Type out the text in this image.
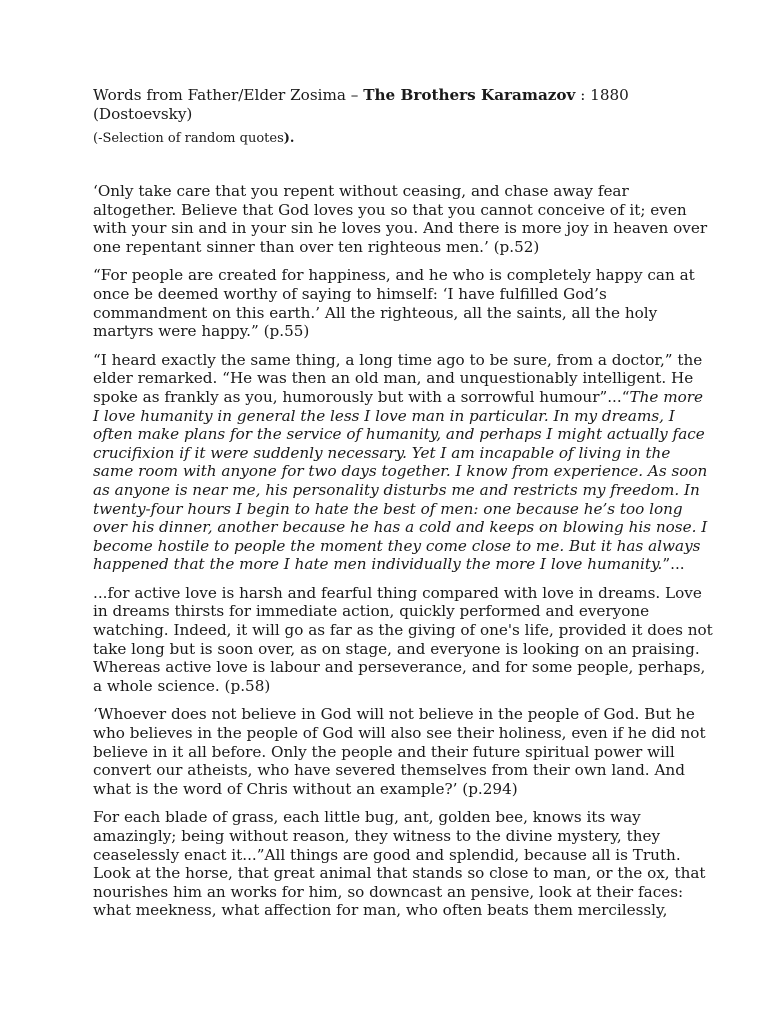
Words from Father/Elder Zosima – The Brothers Karamazov : 1880 (Dostoevsky)

(-Selection of random quotes).

‘Only take care that you repent without ceasing, and chase away fear altogether. Believe that God loves you so that you cannot conceive of it; even with your sin and in your sin he loves you. And there is more joy in heaven over one repentant sinner than over ten righteous men.’ (p.52)

“For people are created for happiness, and he who is completely happy can at once be deemed worthy of saying to himself: ‘I have fulfilled God’s commandment on this earth.’ All the righteous, all the saints, all the holy martyrs were happy.” (p.55)

“I heard exactly the same thing, a long time ago to be sure, from a doctor,” the elder remarked. “He was then an old man, and unquestionably intelligent. He spoke as frankly as you, humorously but with a sorrowful humour”...“The more I love humanity in general the less I love man in particular. In my dreams, I often make plans for the service of humanity, and perhaps I might actually face crucifixion if it were suddenly necessary. Yet I am incapable of living in the same room with anyone for two days together. I know from experience. As soon as anyone is near me, his personality disturbs me and restricts my freedom. In twenty-four hours I begin to hate the best of men: one because he’s too long over his dinner, another because he has a cold and keeps on blowing his nose. I become hostile to people the moment they come close to me. But it has always happened that the more I hate men individually the more I love humanity.”...

...for active love is harsh and fearful thing compared with love in dreams. Love in dreams thirsts for immediate action, quickly performed and everyone watching. Indeed, it will go as far as the giving of one's life, provided it does not take long but is soon over, as on stage, and everyone is looking on an praising. Whereas active love is labour and perseverance, and for some people, perhaps, a whole science. (p.58)

‘Whoever does not believe in God will not believe in the people of God. But he who believes in the people of God will also see their holiness, even if he did not believe in it all before. Only the people and their future spiritual power will convert our atheists, who have severed themselves from their own land. And what is the word of Chris without an example?’ (p.294)

For each blade of grass, each little bug, ant, golden bee, knows its way amazingly; being without reason, they witness to the divine mystery, they ceaselessly enact it...”All things are good and splendid, because all is Truth. Look at the horse, that great animal that stands so close to man, or the ox, that nourishes him an works for him, so downcast an pensive, look at their faces: what meekness, what affection for man, who often beats them mercilessly,
